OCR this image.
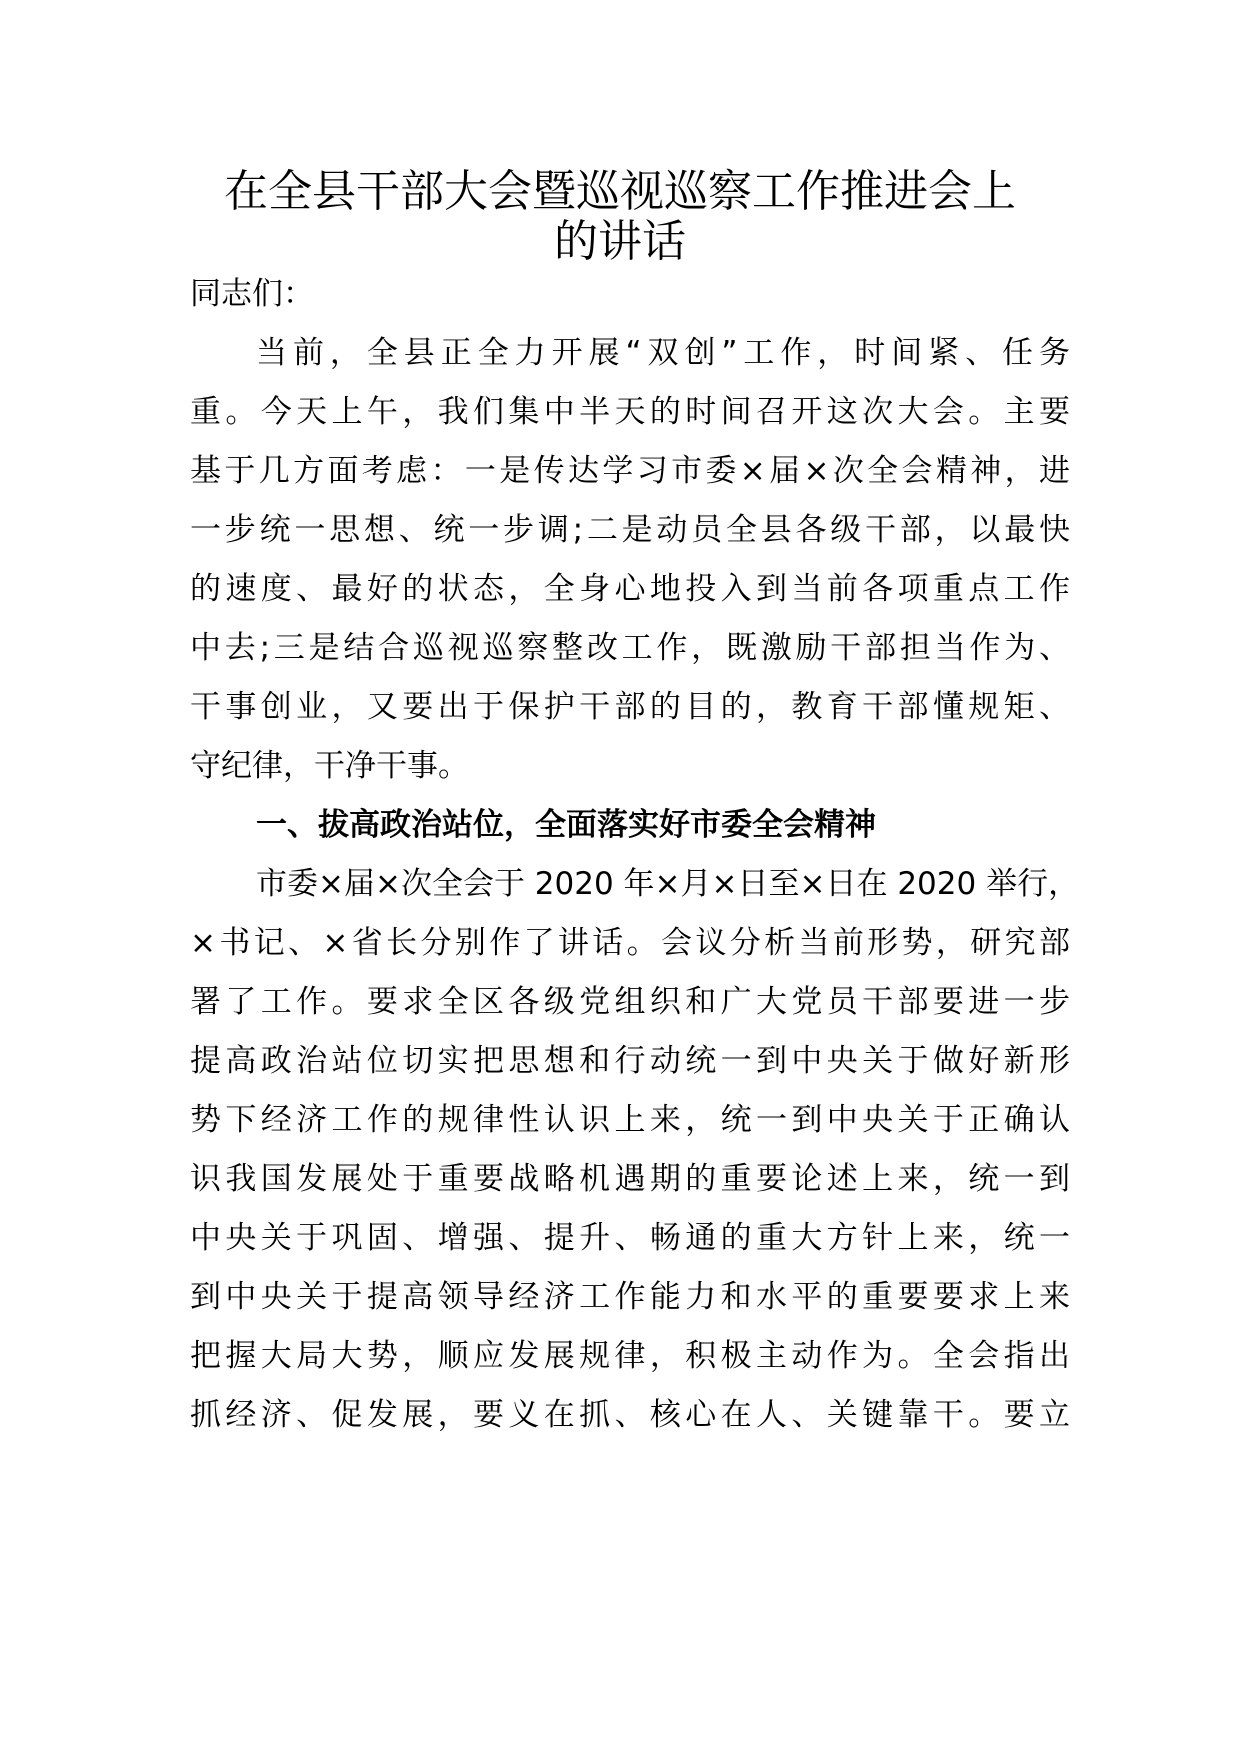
在全县干部大会暨巡视巡察工作推进会上
的讲话

同志们：

当前，全县正全力开展“双创”工作，时间紧、任务

重。今天上午，我们集中半天的时间召开这次大会。主要

基于几方面考虑：一是传达学习市委×届×次全会精神，进

一步统一思想、统一步调;二是动员全县各级干部，以最快

的速度、最好的状态，全身心地投入到当前各项重点工作

中去;三是结合巡视巡察整改工作，既激励干部担当作为、

干事创业，又要出于保护干部的目的，教育干部懂规矩、

守纪律，干净干事。

一、拔高政治站位，全面落实好市委全会精神

市委×届×次全会于 2020 年×月×日至×日在 2020 举行，

×书记、×省长分别作了讲话。会议分析当前形势，研究部

署了工作。要求全区各级党组织和广大党员干部要进一步

提高政治站位切实把思想和行动统一到中央关于做好新形

势下经济工作的规律性认识上来，统一到中央关于正确认

识我国发展处于重要战略机遇期的重要论述上来，统一到

中央关于巩固、增强、提升、畅通的重大方针上来，统一

到中央关于提高领导经济工作能力和水平的重要要求上来

把握大局大势，顺应发展规律，积极主动作为。全会指出

抓经济、促发展，要义在抓、核心在人、关键靠干。要立
